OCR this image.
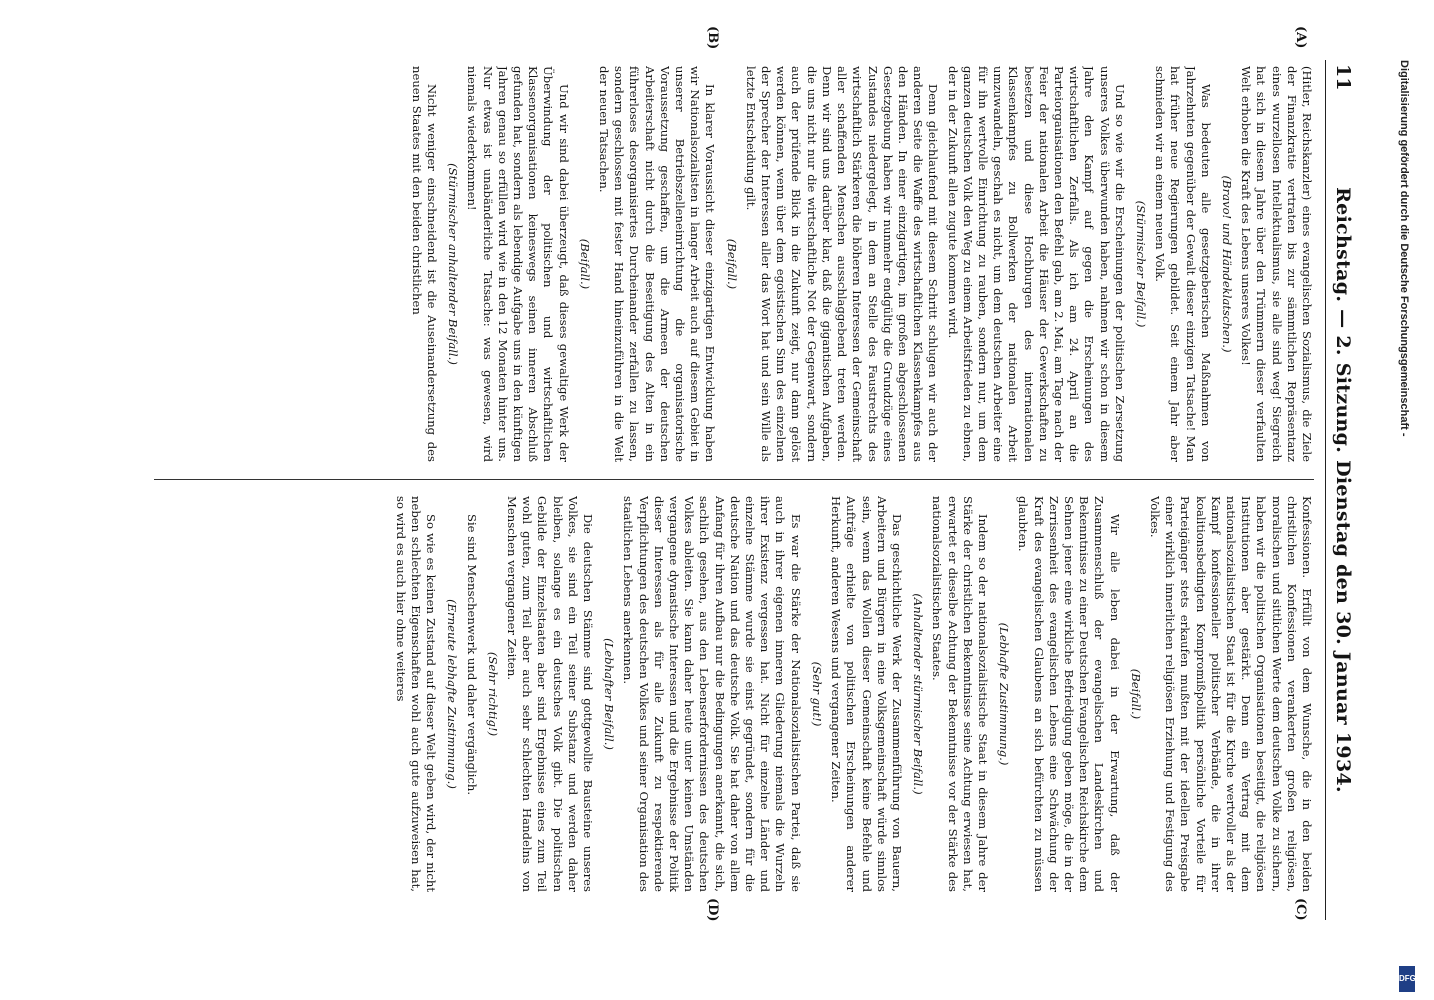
Reichstag. — 2. Sitzung. Dienstag den 30. Januar 1934.
11
(A)
(B)
(C)
(D)

(Hitler, Reichskanzler) eines evangelischen Sozialismus, die Ziele der Finanzkratie vertraten bis zur sämmtlichen Repräsentanz eines wurzellosen Intellektualismus, sie alle sind weg! Siegreich hat sich in diesem Jahre über den Trümmern dieser verfaulten Welt erhoben die Kraft des Lebens unseres Volkes!

(Bravo! und Händeklatschen.)

Was bedeuten alle gesetzgeberischen Maßnahmen von Jahrzehnten gegenüber der Gewalt dieser einzigen Tatsache! Man hat früher neue Regierungen gebildet. Seit einem Jahr aber schmieden wir an einem neuen Volk.

(Stürmischer Beifall.)

Und so wie wir die Erscheinungen der politischen Zersetzung unseres Volkes überwunden haben, nahmen wir schon in diesem Jahre den Kampf auf gegen die Erscheinungen des wirtschaftlichen Zerfalls. Als ich am 24. April an die Parteiorganisationen den Befehl gab, am 2. Mai, am Tage nach der Feier der nationalen Arbeit die Häuser der Gewerkschaften zu besetzen und diese Hochburgen des internationalen Klassenkampfes zu Bollwerken der nationalen Arbeit umzuwandeln, geschah es nicht, um dem deutschen Arbeiter eine für ihn wertvolle Einrichtung zu rauben, sondern nur, um dem ganzen deutschen Volk den Weg zu einem Arbeitsfrieden zu ebnen, der in der Zukunft allen zugute kommen wird.

Denn gleichlaufend mit diesem Schritt schlugen wir auch der anderen Seite die Waffe des wirtschaftlichen Klassenkampfes aus den Händen. In einer einzigartigen, im großen abgeschlossenen Gesetzgebung haben wir nunmehr endgültig die Grundzüge eines Zustandes niedergelegt, in dem an Stelle des Faustrechts des wirtschaftlich Stärkeren die höheren Interessen der Gemeinschaft aller schaffenden Menschen ausschlaggebend treten werden. Denn wir sind uns darüber klar, daß die gigantischen Aufgaben, die uns nicht nur die wirtschaftliche Not der Gegenwart, sondern auch der prüfende Blick in die Zukunft zeigt, nur dann gelöst werden können, wenn über dem egoistischen Sinn des einzelnen der Sprecher der Interessen aller das Wort hat und sein Wille als letzte Entscheidung gilt.

(Beifall.)

In klarer Voraussicht dieser einzigartigen Entwicklung haben wir Nationalsozialisten in langer Arbeit auch auf diesem Gebiet in unserer Betriebszelleneinrichtung die organisatorische Voraussetzung geschaffen, um die Armeen der deutschen Arbeiterschaft nicht durch die Beseitigung des Alten in ein führerloses desorganisiertes Durcheinander zerfallen zu lassen, sondern geschlossen mit fester Hand hineinzuführen in die Welt der neuen Tatsachen.

(Beifall.)

Und wir sind dabei überzeugt, daß dieses gewaltige Werk der Überwindung der politischen und wirtschaftlichen Klassenorganisationen keineswegs seinen inneren Abschluß gefunden hat, sondern als lebendige Aufgabe uns in den künftigen Jahren genau so erfüllen wird wie in den 12 Monaten hinter uns. Nur etwas ist unabänderliche Tatsache: was gewesen, wird niemals wiederkommen!

(Stürmischer anhaltender Beifall.)

Nicht weniger einschneidend ist die Auseinandersetzung des neuen Staates mit den beiden christlichen

Konfessionen. Erfüllt von dem Wunsche, die in den beiden christlichen Konfessionen verankerten großen religiösen, moralischen und sittlichen Werte dem deutschen Volke zu sichern, haben wir die politischen Organisationen beseitigt, die religiösen Institutionen aber gestärkt. Denn ein Vertrag mit dem nationalsozialistischen Staat ist für die Kirche wertvoller als der Kampf konfessioneller politischer Verbände, die in ihrer koalitionsbedingten Kompromißpolitik persönliche Vorteile für Parteigänger stets erkaufen mußten mit der ideellen Preisgabe einer wirklich innerlichen religiösen Erziehung und Festigung des Volkes.

(Beifall.)

Wir alle leben dabei in der Erwartung, daß der Zusammenschluß der evangelischen Landeskirchen und Bekenntnisse zu einer Deutschen Evangelischen Reichskirche dem Sehnen jener eine wirkliche Befriedigung geben möge, die in der Zerrissenheit des evangelischen Lebens eine Schwächung der Kraft des evangelischen Glaubens an sich befürchten zu müssen glaubten.

(Lebhafte Zustimmung.)

Indem so der nationalsozialistische Staat in diesem Jahre der Stärke der christlichen Bekenntnisse seine Achtung erwiesen hat, erwartet er dieselbe Achtung der Bekenntnisse vor der Stärke des nationalsozialistischen Staates.

(Anhaltender stürmischer Beifall.)

Das geschichtliche Werk der Zusammenführung von Bauern, Arbeitern und Bürgern in eine Volksgemeinschaft würde sinnlos sein, wenn das Wollen dieser Gemeinschaft keine Befehle und Aufträge erhielte von politischen Erscheinungen anderer Herkunft, anderen Wesens und vergangener Zeiten.

(Sehr gut!)

Es war die Stärke der Nationalsozialistischen Partei, daß sie auch in ihrer eigenen inneren Gliederung niemals die Wurzeln ihrer Existenz vergessen hat. Nicht für einzelne Länder und einzelne Stämme wurde sie einst gegründet, sondern für die deutsche Nation und das deutsche Volk. Sie hat daher von allem Anfang für ihren Aufbau nur die Bedingungen anerkannt, die sich, sachlich gesehen, aus den Lebenserfordernissen des deutschen Volkes ableiten. Sie kann daher heute unter keinen Umständen vergangene dynastische Interessen und die Ergebnisse der Politik dieser Interessen als für alle Zukunft zu respektierende Verpflichtungen des deutschen Volkes und seiner Organisation des staatlichen Lebens anerkennen.

(Lebhafter Beifall.)

Die deutschen Stämme sind gottgewollte Bausteine unseres Volkes, sie sind ein Teil seiner Substanz und werden daher bleiben, solange es ein deutsches Volk gibt. Die politischen Gebilde der Einzelstaaten aber sind Ergebnisse eines zum Teil wohl guten, zum Teil aber auch sehr schlechten Handelns von Menschen vergangener Zeiten.

(Sehr richtig!)

Sie sind Menschenwerk und daher vergänglich.

(Erneute lebhafte Zustimmung.)

So wie es keinen Zustand auf dieser Welt geben wird, der nicht neben schlechten Eigenschaften wohl auch gute aufzuweisen hat, so wird es auch hier ohne weiteres

Digitalisierung gefördert durch die Deutsche Forschungsgemeinschaft -
DFG
